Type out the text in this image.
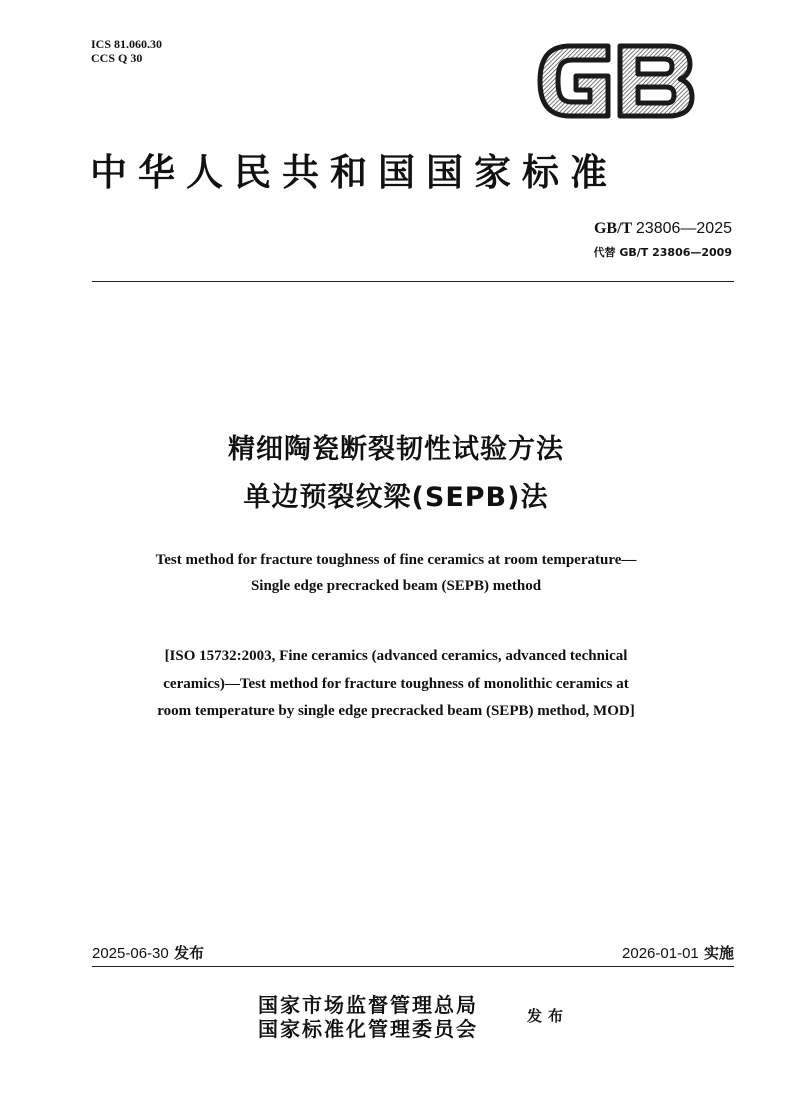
ICS 81.060.30
CCS Q 30
中华人民共和国国家标准
GB/T 23806—2025
代替 GB/T 23806—2009
精细陶瓷断裂韧性试验方法
单边预裂纹梁(SEPB)法
Test method for fracture toughness of fine ceramics at room temperature—
Single edge precracked beam (SEPB) method
[ISO 15732:2003, Fine ceramics (advanced ceramics, advanced technical
ceramics)—Test method for fracture toughness of monolithic ceramics at
room temperature by single edge precracked beam (SEPB) method, MOD]
2025-06-30 发布	2026-01-01 实施
国家市场监督管理总局
国家标准化管理委员会
发布
